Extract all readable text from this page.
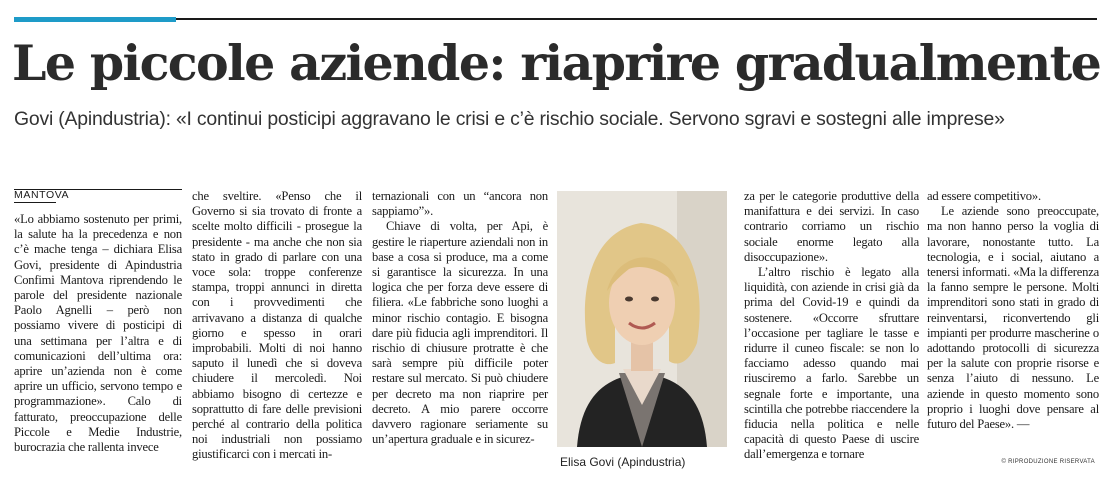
Le piccole aziende: riaprire gradualmente

Govi (Apindustria): «I continui posticipi aggravano le crisi e c’è rischio sociale. Servono sgravi e sostegni alle imprese»

MANTOVA

«Lo abbiamo sostenuto per primi, la salute ha la precedenza e non c’è mache tenga – dichiara Elisa Govi, presidente di Apindustria Confimi Mantova riprendendo le parole del presidente nazionale Paolo Agnelli – però non possiamo vivere di posticipi di una settimana per l’altra e di comunicazioni dell’ultima ora: aprire un’azienda non è come aprire un ufficio, servono tempo e programmazione». Calo di fatturato, preoccupazione delle Piccole e Medie Industrie, burocrazia che rallenta invece

che sveltire. «Penso che il Governo si sia trovato di fronte a scelte molto difficili - prosegue la presidente - ma anche che non sia stato in grado di parlare con una voce sola: troppe conferenze stampa, troppi annunci in diretta con i provvedimenti che arrivavano a distanza di qualche giorno e spesso in orari improbabili. Molti di noi hanno saputo il lunedì che si doveva chiudere il mercoledì. Noi abbiamo bisogno di certezze e soprattutto di fare delle previsioni perché al contrario della politica noi industriali non possiamo giustificarci con i mercati in-

ternazionali con un “ancora non sappiamo”».

Chiave di volta, per Api, è gestire le riaperture aziendali non in base a cosa si produce, ma a come si garantisce la sicurezza. In una logica che per forza deve essere di filiera. «Le fabbriche sono luoghi a minor rischio contagio. E bisogna dare più fiducia agli imprenditori. Il rischio di chiusure protratte è che sarà sempre più difficile poter restare sul mercato. Si può chiudere per decreto ma non riaprire per decreto. A mio parere occorre davvero ragionare seriamente su un’apertura graduale e in sicurez-

Elisa Govi (Apindustria)

za per le categorie produttive della manifattura e dei servizi. In caso contrario corriamo un rischio sociale enorme legato alla disoccupazione».

L’altro rischio è legato alla liquidità, con aziende in crisi già da prima del Covid-19 e quindi da sostenere. «Occorre sfruttare l’occasione per tagliare le tasse e ridurre il cuneo fiscale: se non lo facciamo adesso quando mai riusciremo a farlo. Sarebbe un segnale forte e importante, una scintilla che potrebbe riaccendere la fiducia nella politica e nelle capacità di questo Paese di uscire dall’emergenza e tornare

ad essere competitivo».

Le aziende sono preoccupate, ma non hanno perso la voglia di lavorare, nonostante tutto. La tecnologia, e i social, aiutano a tenersi informati. «Ma la differenza la fanno sempre le persone. Molti imprenditori sono stati in grado di reinventarsi, riconvertendo gli impianti per produrre mascherine o adottando protocolli di sicurezza per la salute con proprie risorse e senza l’aiuto di nessuno. Le aziende in questo momento sono proprio i luoghi dove pensare al futuro del Paese». —

© RIPRODUZIONE RISERVATA
